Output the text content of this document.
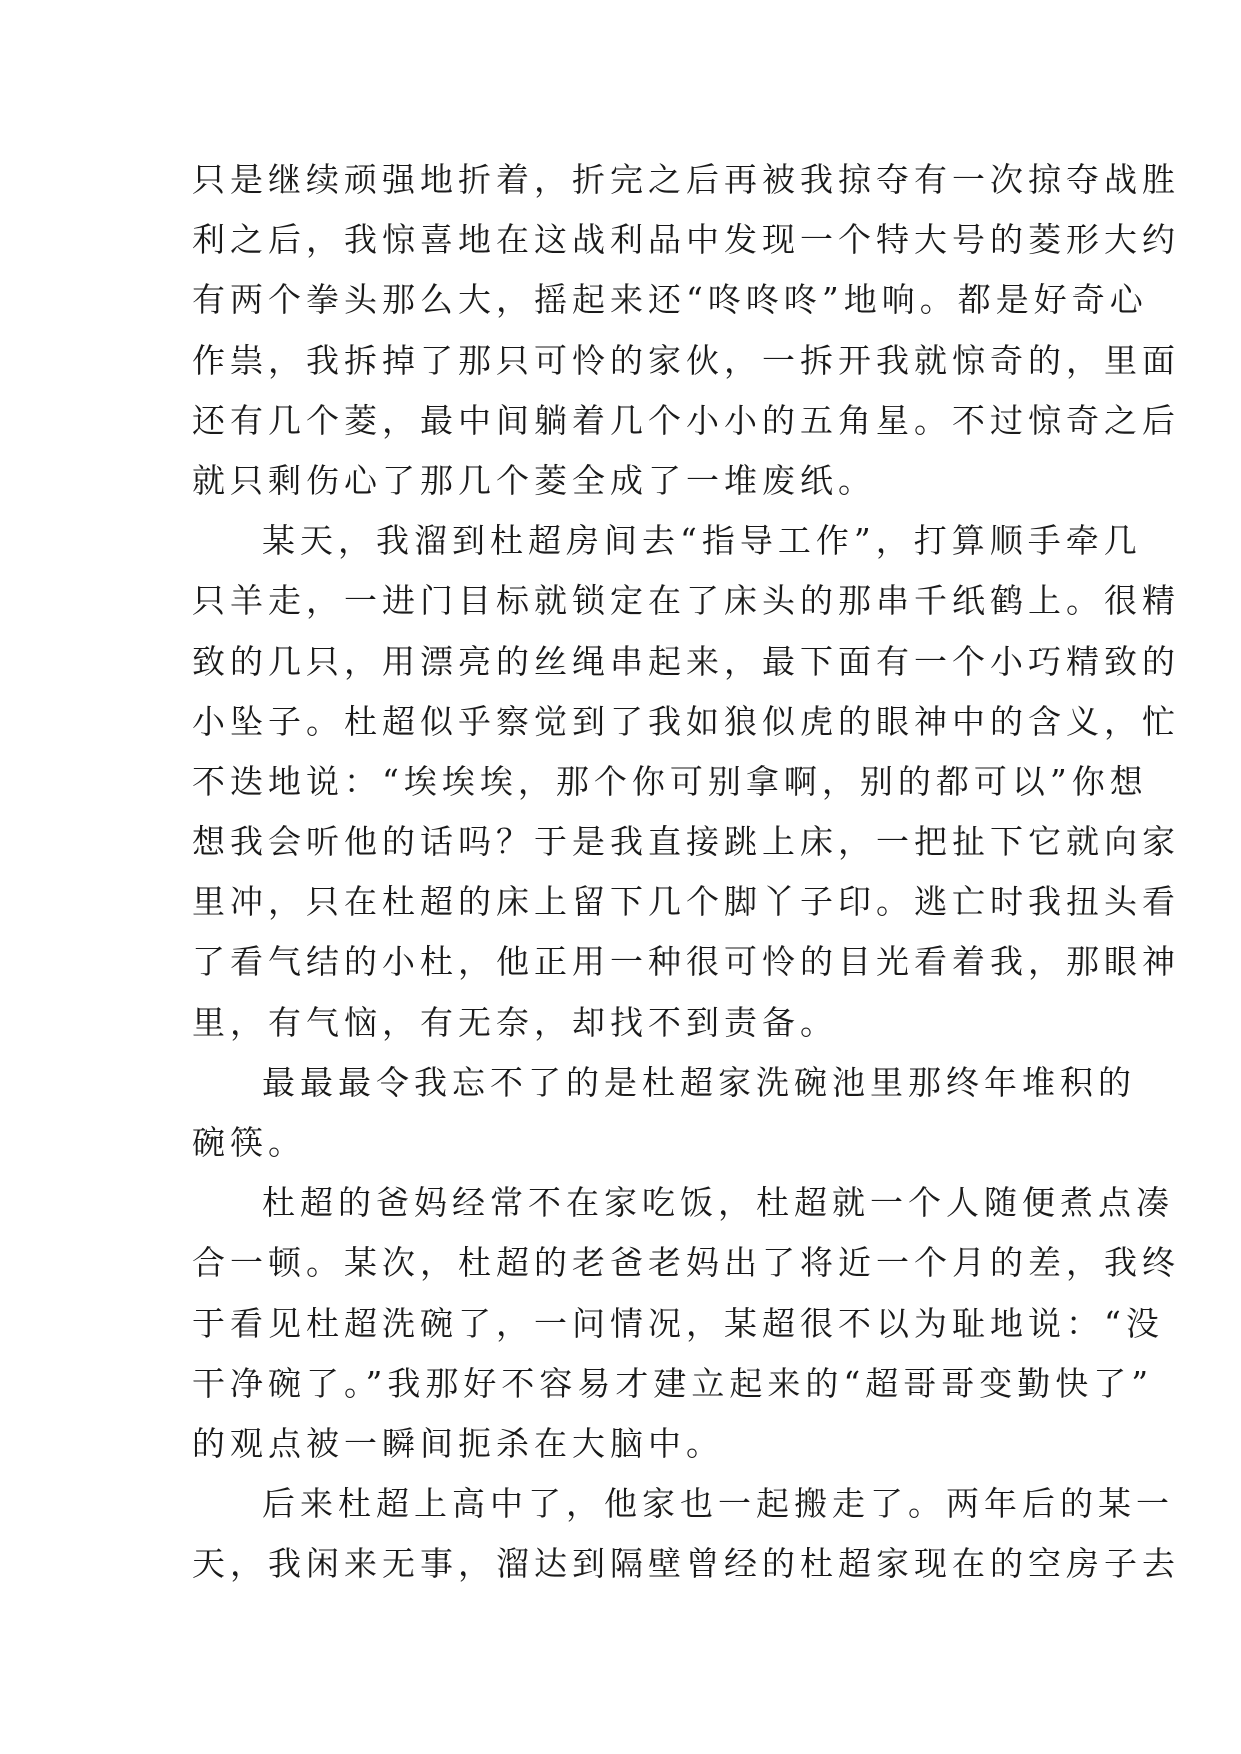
只是继续顽强地折着，折完之后再被我掠夺有一次掠夺战胜
利之后，我惊喜地在这战利品中发现一个特大号的菱形大约
有两个拳头那么大，摇起来还“咚咚咚”地响。都是好奇心
作祟，我拆掉了那只可怜的家伙，一拆开我就惊奇的，里面
还有几个菱，最中间躺着几个小小的五角星。不过惊奇之后
就只剩伤心了那几个菱全成了一堆废纸。
某天，我溜到杜超房间去“指导工作”，打算顺手牵几
只羊走，一进门目标就锁定在了床头的那串千纸鹤上。很精
致的几只，用漂亮的丝绳串起来，最下面有一个小巧精致的
小坠子。杜超似乎察觉到了我如狼似虎的眼神中的含义，忙
不迭地说：“埃埃埃，那个你可别拿啊，别的都可以”你想
想我会听他的话吗？于是我直接跳上床，一把扯下它就向家
里冲，只在杜超的床上留下几个脚丫子印。逃亡时我扭头看
了看气结的小杜，他正用一种很可怜的目光看着我，那眼神
里，有气恼，有无奈，却找不到责备。
最最最令我忘不了的是杜超家洗碗池里那终年堆积的
碗筷。
杜超的爸妈经常不在家吃饭，杜超就一个人随便煮点凑
合一顿。某次，杜超的老爸老妈出了将近一个月的差，我终
于看见杜超洗碗了，一问情况，某超很不以为耻地说：“没
干净碗了。”我那好不容易才建立起来的“超哥哥变勤快了”
的观点被一瞬间扼杀在大脑中。
后来杜超上高中了，他家也一起搬走了。两年后的某一
天，我闲来无事，溜达到隔壁曾经的杜超家现在的空房子去
